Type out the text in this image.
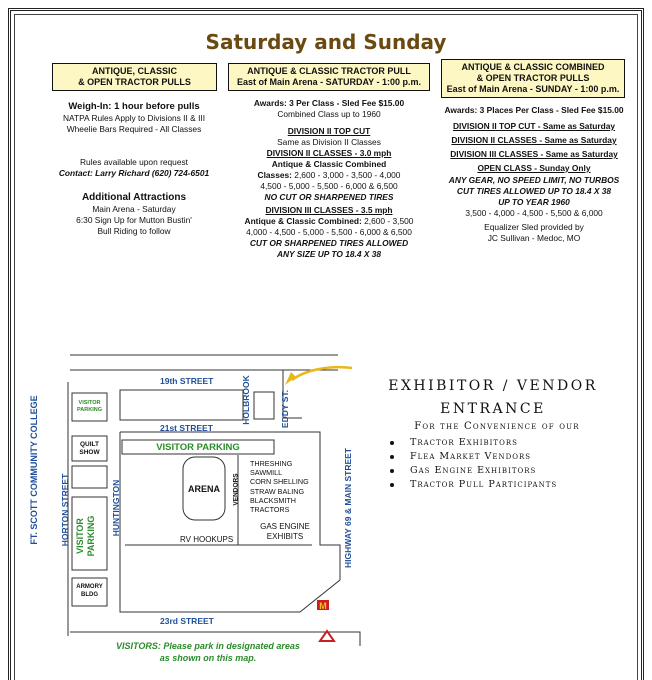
Saturday and Sunday
ANTIQUE, CLASSIC
& OPEN TRACTOR PULLS
ANTIQUE & CLASSIC TRACTOR PULL
East of Main Arena - SATURDAY - 1:00 p.m.
ANTIQUE & CLASSIC COMBINED
& OPEN TRACTOR PULLS
East of Main Arena - SUNDAY - 1:00 p.m.
Weigh-In: 1 hour before pulls
NATPA Rules Apply to Divisions II & III
Wheelie Bars Required - All Classes
Rules available upon request
Contact: Larry Richard (620) 724-6501
Additional Attractions
Main Arena - Saturday
6:30 Sign Up for Mutton Bustin'
Bull Riding to follow
Awards: 3 Per Class - Sled Fee $15.00
Combined Class up to 1960
DIVISION II TOP CUT
Same as Division II Classes
DIVISION II CLASSES - 3.0 mph
Antique & Classic Combined
Classes: 2,600 - 3,000 - 3,500 - 4,000
4,500 - 5,000 - 5,500 - 6,000 & 6,500
NO CUT OR SHARPENED TIRES
DIVISION III CLASSES - 3.5 mph
Antique & Classic Combined: 2,600 - 3,500
4,000 - 4,500 - 5,000 - 5,500 - 6,000 & 6,500
CUT OR SHARPENED TIRES ALLOWED
ANY SIZE UP TO 18.4 X 38
Awards: 3 Places Per Class - Sled Fee $15.00
DIVISION II TOP CUT - Same as Saturday
DIVISION II CLASSES - Same as Saturday
DIVISION III CLASSES - Same as Saturday
OPEN CLASS - Sunday Only
ANY GEAR, NO SPEED LIMIT, NO TURBOS
CUT TIRES ALLOWED UP TO 18.4 X 38
UP TO YEAR 1960
3,500 - 4,000 - 4,500 - 5,500 & 6,000
Equalizer Sled provided by
JC Sullivan - Medoc, MO
M
19th STREET
21st STREET
23rd STREET
FT. SCOTT COMMUNITY COLLEGE HORTON STREET	HUNTINGTON
HOLBROOK	EDDY ST.
HIGHWAY 69 & MAIN STREET
VISITOR
PARKING
QUILT
SHOW	VISITOR PARKING
VISITOR PARKING
ARENA	VENDORS
THRESHING
SAWMILL
CORN SHELLING
STRAW BALING
BLACKSMITH
TRACTORS
GAS ENGINE
EXHIBITS
RV HOOKUPS
ARMORY
BLDG
VISITORS: Please park in designated areas
as shown on this map.
EXHIBITOR / VENDOR
ENTRANCE
For the Convenience of our
Tractor Exhibitors
Flea Market Vendors
Gas Engine Exhibitors
Tractor Pull Participants
